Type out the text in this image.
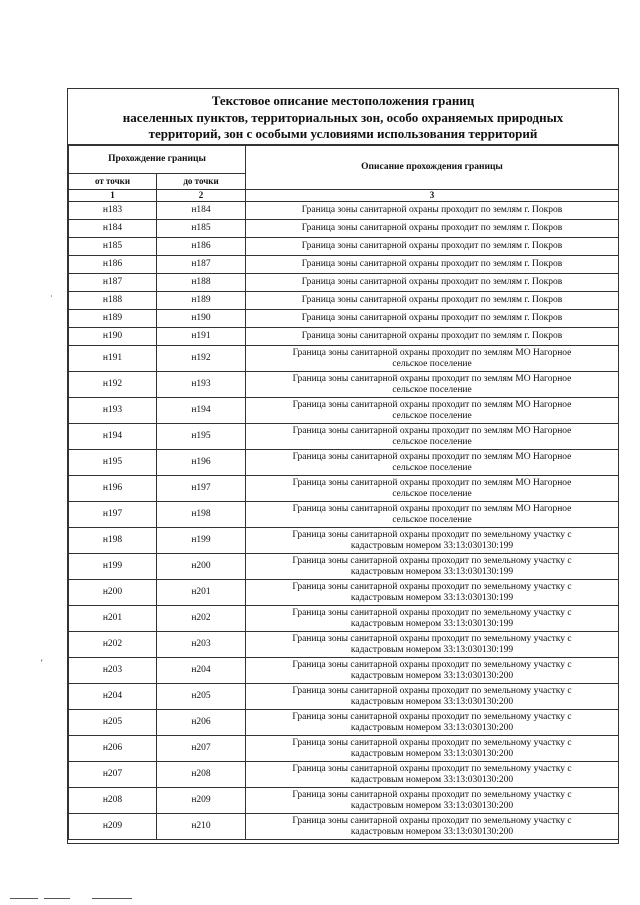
Текстовое описание местоположения границ
населенных пунктов, территориальных зон, особо охраняемых природных
территорий, зон с особыми условиями использования территорий
Прохождение границы		Описание прохождения границы
от точки	до точки	
1	2	3
н183	н184	Граница зоны санитарной охраны проходит по землям г. Покров

н184	н185	Граница зоны санитарной охраны проходит по землям г. Покров

н185	н186	Граница зоны санитарной охраны проходит по землям г. Покров

н186	н187	Граница зоны санитарной охраны проходит по землям г. Покров

н187	н188	Граница зоны санитарной охраны проходит по землям г. Покров

н188	н189	Граница зоны санитарной охраны проходит по землям г. Покров

н189	н190	Граница зоны санитарной охраны проходит по землям г. Покров

н190	н191	Граница зоны санитарной охраны проходит по землям г. Покров

н191	н192	Граница зоны санитарной охраны проходит по землям МО Нагорное
сельское поселение

н192	н193	Граница зоны санитарной охраны проходит по землям МО Нагорное
сельское поселение

н193	н194	Граница зоны санитарной охраны проходит по землям МО Нагорное
сельское поселение

н194	н195	Граница зоны санитарной охраны проходит по землям МО Нагорное
сельское поселение

н195	н196	Граница зоны санитарной охраны проходит по землям МО Нагорное
сельское поселение

н196	н197	Граница зоны санитарной охраны проходит по землям МО Нагорное
сельское поселение

н197	н198	Граница зоны санитарной охраны проходит по землям МО Нагорное
сельское поселение

н198	н199	Граница зоны санитарной охраны проходит по земельному участку с
кадастровым номером 33:13:030130:199

н199	н200	Граница зоны санитарной охраны проходит по земельному участку с
кадастровым номером 33:13:030130:199

н200	н201	Граница зоны санитарной охраны проходит по земельному участку с
кадастровым номером 33:13:030130:199

н201	н202	Граница зоны санитарной охраны проходит по земельному участку с
кадастровым номером 33:13:030130:199

н202	н203	Граница зоны санитарной охраны проходит по земельному участку с
кадастровым номером 33:13:030130:199

н203	н204	Граница зоны санитарной охраны проходит по земельному участку с
кадастровым номером 33:13:030130:200

н204	н205	Граница зоны санитарной охраны проходит по земельному участку с
кадастровым номером 33:13:030130:200

н205	н206	Граница зоны санитарной охраны проходит по земельному участку с
кадастровым номером 33:13:030130:200

н206	н207	Граница зоны санитарной охраны проходит по земельному участку с
кадастровым номером 33:13:030130:200

н207	н208	Граница зоны санитарной охраны проходит по земельному участку с
кадастровым номером 33:13:030130:200

н208	н209	Граница зоны санитарной охраны проходит по земельному участку с
кадастровым номером 33:13:030130:200

н209	н210	Граница зоны санитарной охраны проходит по земельному участку с
кадастровым номером 33:13:030130:200
·
'
